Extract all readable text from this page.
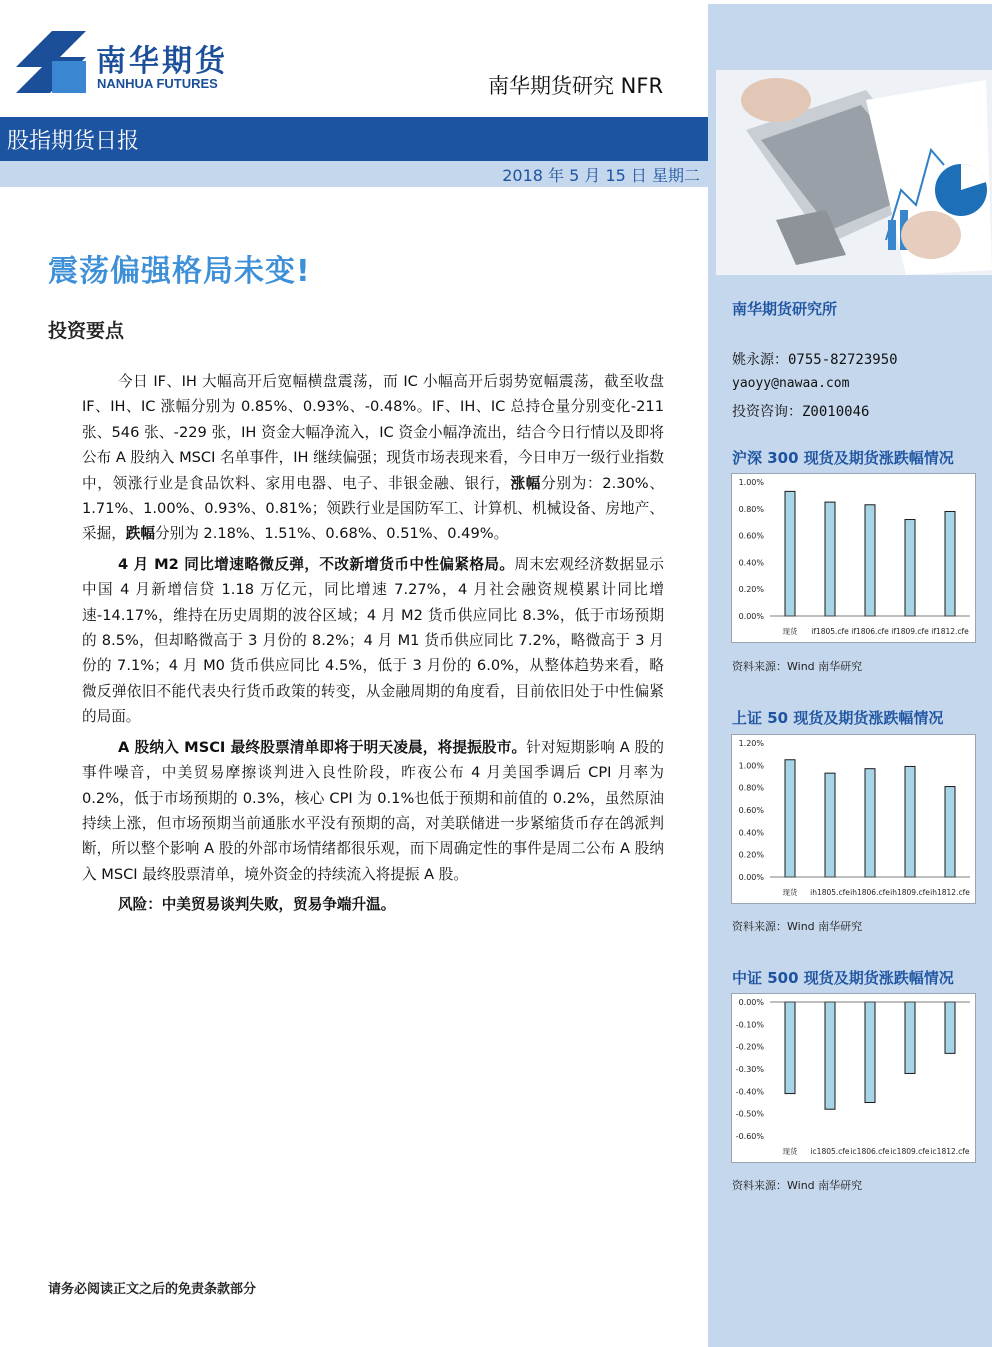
南华期货
NANHUA FUTURES	南华期货研究 NFR
股指期货日报
2018 年 5 月 15 日 星期二
震荡偏强格局未变!
投资要点

今日 IF、IH 大幅高开后宽幅横盘震荡，而 IC 小幅高开后弱势宽幅震荡，截至收盘 IF、IH、IC 涨幅分别为 0.85%、0.93%、-0.48%。IF、IH、IC 总持仓量分别变化-211 张、546 张、-229 张，IH 资金大幅净流入，IC 资金小幅净流出，结合今日行情以及即将公布 A 股纳入 MSCI 名单事件，IH 继续偏强；现货市场表现来看，今日申万一级行业指数中，领涨行业是食品饮料、家用电器、电子、非银金融、银行，涨幅分别为：2.30%、1.71%、1.00%、0.93%、0.81%；领跌行业是国防军工、计算机、机械设备、房地产、采掘，跌幅分别为 2.18%、1.51%、0.68%、0.51%、0.49%。

4 月 M2 同比增速略微反弹，不改新增货币中性偏紧格局。周末宏观经济数据显示中国 4 月新增信贷 1.18 万亿元，同比增速 7.27%，4 月社会融资规模累计同比增速-14.17%，维持在历史周期的波谷区域；4 月 M2 货币供应同比 8.3%，低于市场预期的 8.5%，但却略微高于 3 月份的 8.2%；4 月 M1 货币供应同比 7.2%，略微高于 3 月份的 7.1%；4 月 M0 货币供应同比 4.5%，低于 3 月份的 6.0%，从整体趋势来看，略微反弹依旧不能代表央行货币政策的转变，从金融周期的角度看，目前依旧处于中性偏紧的局面。

A 股纳入 MSCI 最终股票清单即将于明天凌晨，将提振股市。针对短期影响 A 股的事件噪音，中美贸易摩擦谈判进入良性阶段，昨夜公布 4 月美国季调后 CPI 月率为 0.2%，低于市场预期的 0.3%，核心 CPI 为 0.1%也低于预期和前值的 0.2%，虽然原油持续上涨，但市场预期当前通胀水平没有预期的高，对美联储进一步紧缩货币存在鸽派判断，所以整个影响 A 股的外部市场情绪都很乐观，而下周确定性的事件是周二公布 A 股纳入 MSCI 最终股票清单，境外资金的持续流入将提振 A 股。

风险：中美贸易谈判失败，贸易争端升温。

请务必阅读正文之后的免责条款部分
南华期货研究所
姚永源：0755-82723950
yaoyy@nawaa.com
投资咨询：Z0010046
沪深 300 现货及期货涨跌幅情况
1.00%
0.80%
0.60%
0.40%
0.20%
0.00%
现货 if1805.cfe if1806.cfe if1809.cfe if1812.cfe
资料来源：Wind 南华研究
上证 50 现货及期货涨跌幅情况
1.20%
1.00%
0.80%
0.60%
0.40%
0.20%
0.00%
现货 ih1805.cfe ih1806.cfe ih1809.cfe ih1812.cfe
资料来源：Wind 南华研究
中证 500 现货及期货涨跌幅情况
0.00%
-0.10%
-0.20%
-0.30%
-0.40%
-0.50%
-0.60%
现货 ic1805.cfe ic1806.cfe ic1809.cfe ic1812.cfe
资料来源：Wind 南华研究
